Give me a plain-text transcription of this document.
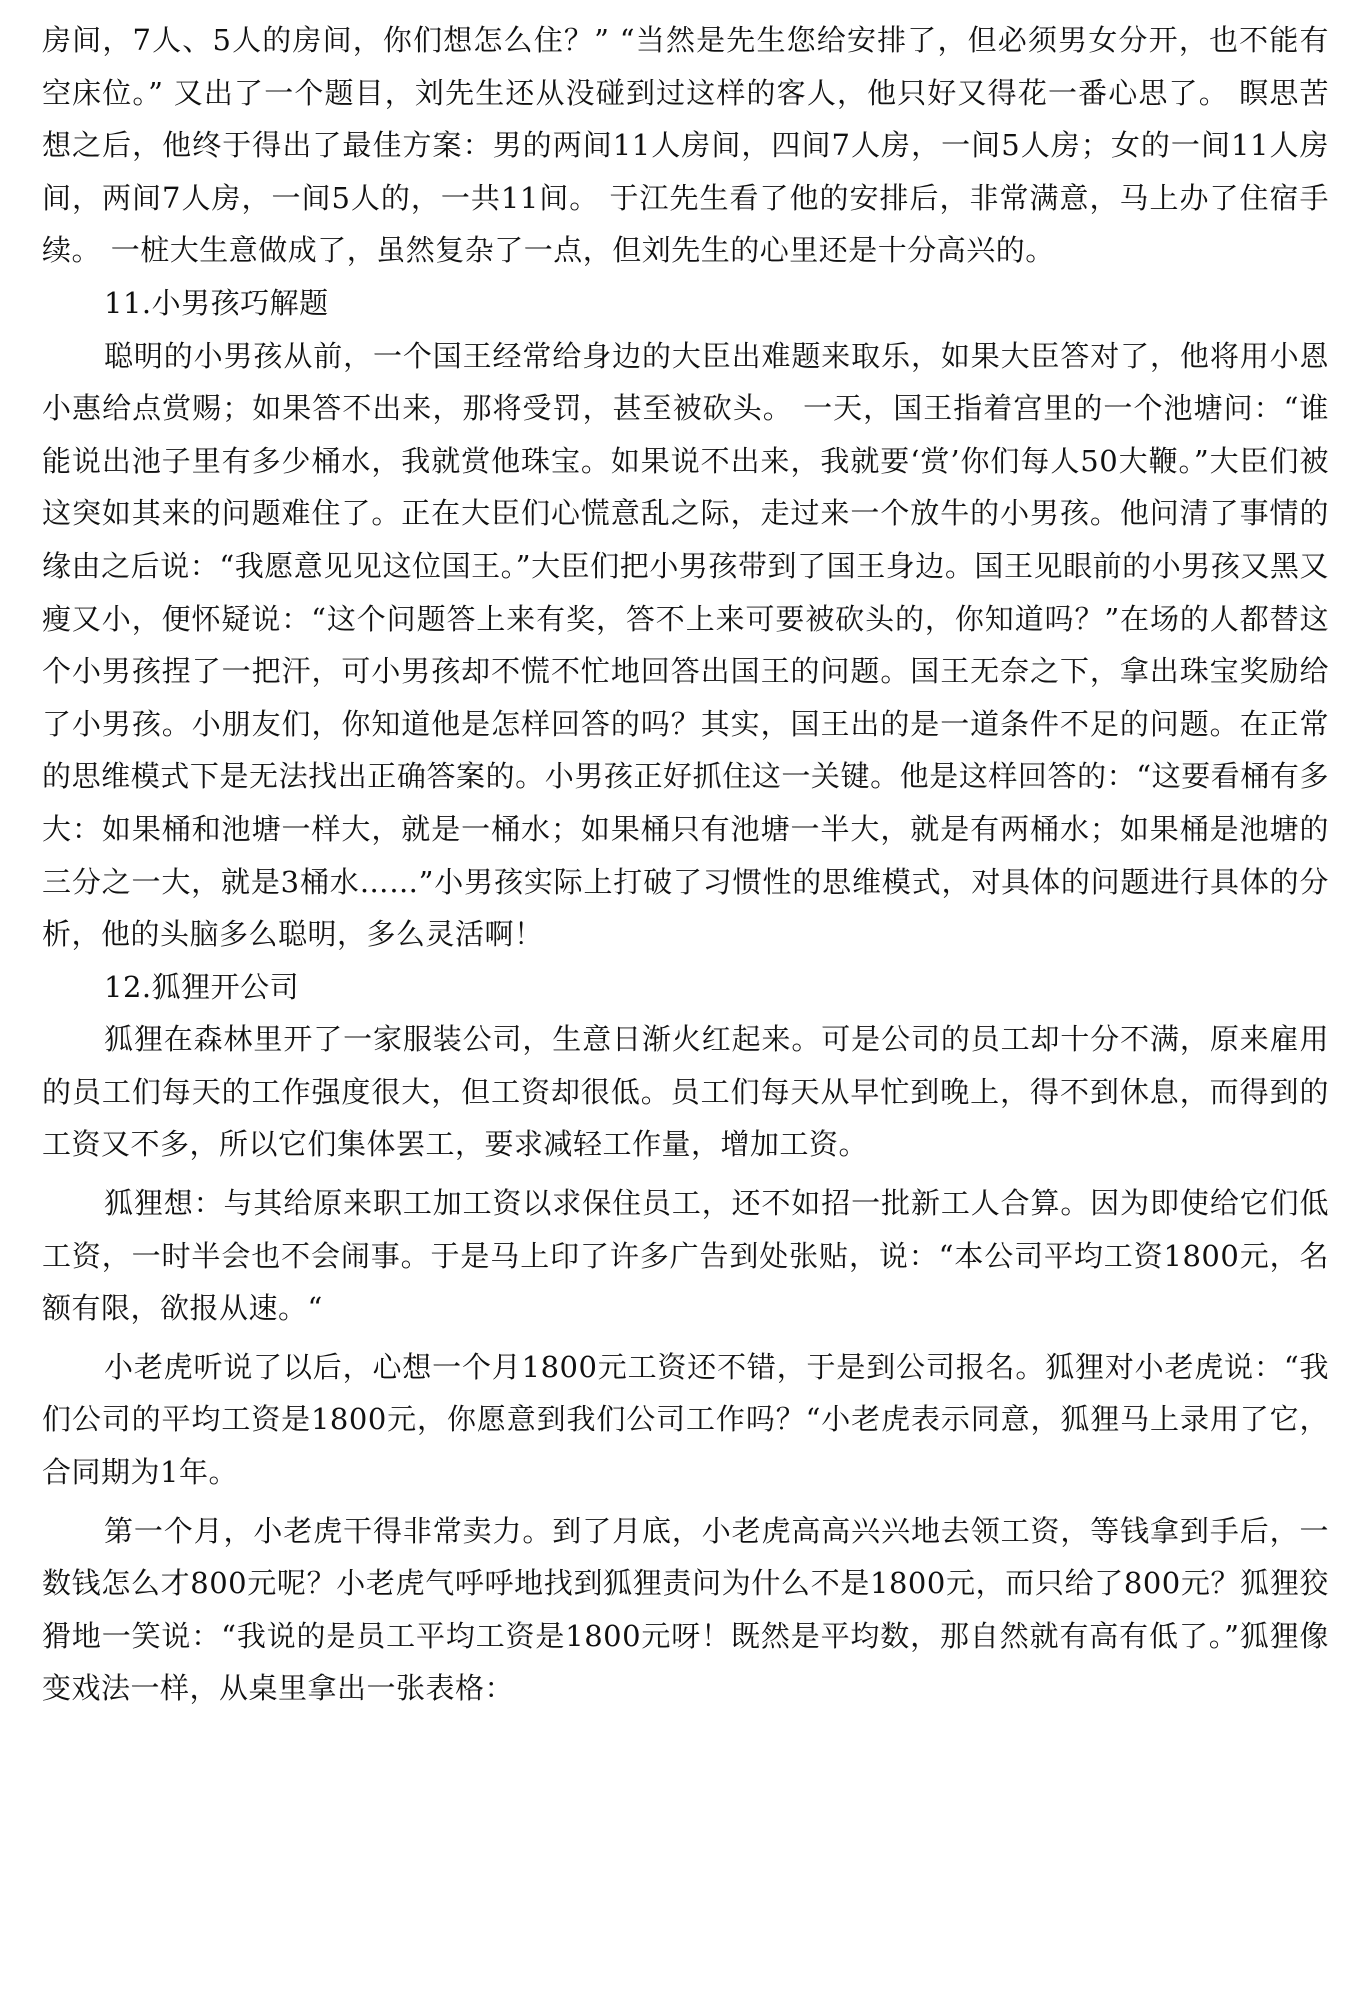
房间，7人、5人的房间，你们想怎么住？” “当然是先生您给安排了，但必须男女分开，也不能有空床位。” 又出了一个题目，刘先生还从没碰到过这样的客人，他只好又得花一番心思了。 瞑思苦想之后，他终于得出了最佳方案：男的两间11人房间，四间7人房，一间5人房；女的一间11人房间，两间7人房，一间5人的，一共11间。 于江先生看了他的安排后，非常满意，马上办了住宿手续。 一桩大生意做成了，虽然复杂了一点，但刘先生的心里还是十分高兴的。

11.小男孩巧解题

聪明的小男孩从前，一个国王经常给身边的大臣出难题来取乐，如果大臣答对了，他将用小恩小惠给点赏赐；如果答不出来，那将受罚，甚至被砍头。 一天，国王指着宫里的一个池塘问：“谁能说出池子里有多少桶水，我就赏他珠宝。如果说不出来，我就要‘赏’你们每人50大鞭。”大臣们被这突如其来的问题难住了。正在大臣们心慌意乱之际，走过来一个放牛的小男孩。他问清了事情的缘由之后说：“我愿意见见这位国王。”大臣们把小男孩带到了国王身边。国王见眼前的小男孩又黑又瘦又小，便怀疑说：“这个问题答上来有奖，答不上来可要被砍头的，你知道吗？”在场的人都替这个小男孩捏了一把汗，可小男孩却不慌不忙地回答出国王的问题。国王无奈之下，拿出珠宝奖励给了小男孩。小朋友们，你知道他是怎样回答的吗？其实，国王出的是一道条件不足的问题。在正常的思维模式下是无法找出正确答案的。小男孩正好抓住这一关键。他是这样回答的：“这要看桶有多大：如果桶和池塘一样大，就是一桶水；如果桶只有池塘一半大，就是有两桶水；如果桶是池塘的三分之一大，就是3桶水……”小男孩实际上打破了习惯性的思维模式，对具体的问题进行具体的分析，他的头脑多么聪明，多么灵活啊！

12.狐狸开公司

狐狸在森林里开了一家服装公司，生意日渐火红起来。可是公司的员工却十分不满，原来雇用的员工们每天的工作强度很大，但工资却很低。员工们每天从早忙到晚上，得不到休息，而得到的工资又不多，所以它们集体罢工，要求减轻工作量，增加工资。

狐狸想：与其给原来职工加工资以求保住员工，还不如招一批新工人合算。因为即使给它们低工资，一时半会也不会闹事。于是马上印了许多广告到处张贴，说：“本公司平均工资1800元，名额有限，欲报从速。“

小老虎听说了以后，心想一个月1800元工资还不错，于是到公司报名。狐狸对小老虎说：“我们公司的平均工资是1800元，你愿意到我们公司工作吗？“小老虎表示同意，狐狸马上录用了它，合同期为1年。

第一个月，小老虎干得非常卖力。到了月底，小老虎高高兴兴地去领工资，等钱拿到手后，一数钱怎么才800元呢？小老虎气呼呼地找到狐狸责问为什么不是1800元，而只给了800元？狐狸狡猾地一笑说：“我说的是员工平均工资是1800元呀！既然是平均数，那自然就有高有低了。”狐狸像变戏法一样，从桌里拿出一张表格：
